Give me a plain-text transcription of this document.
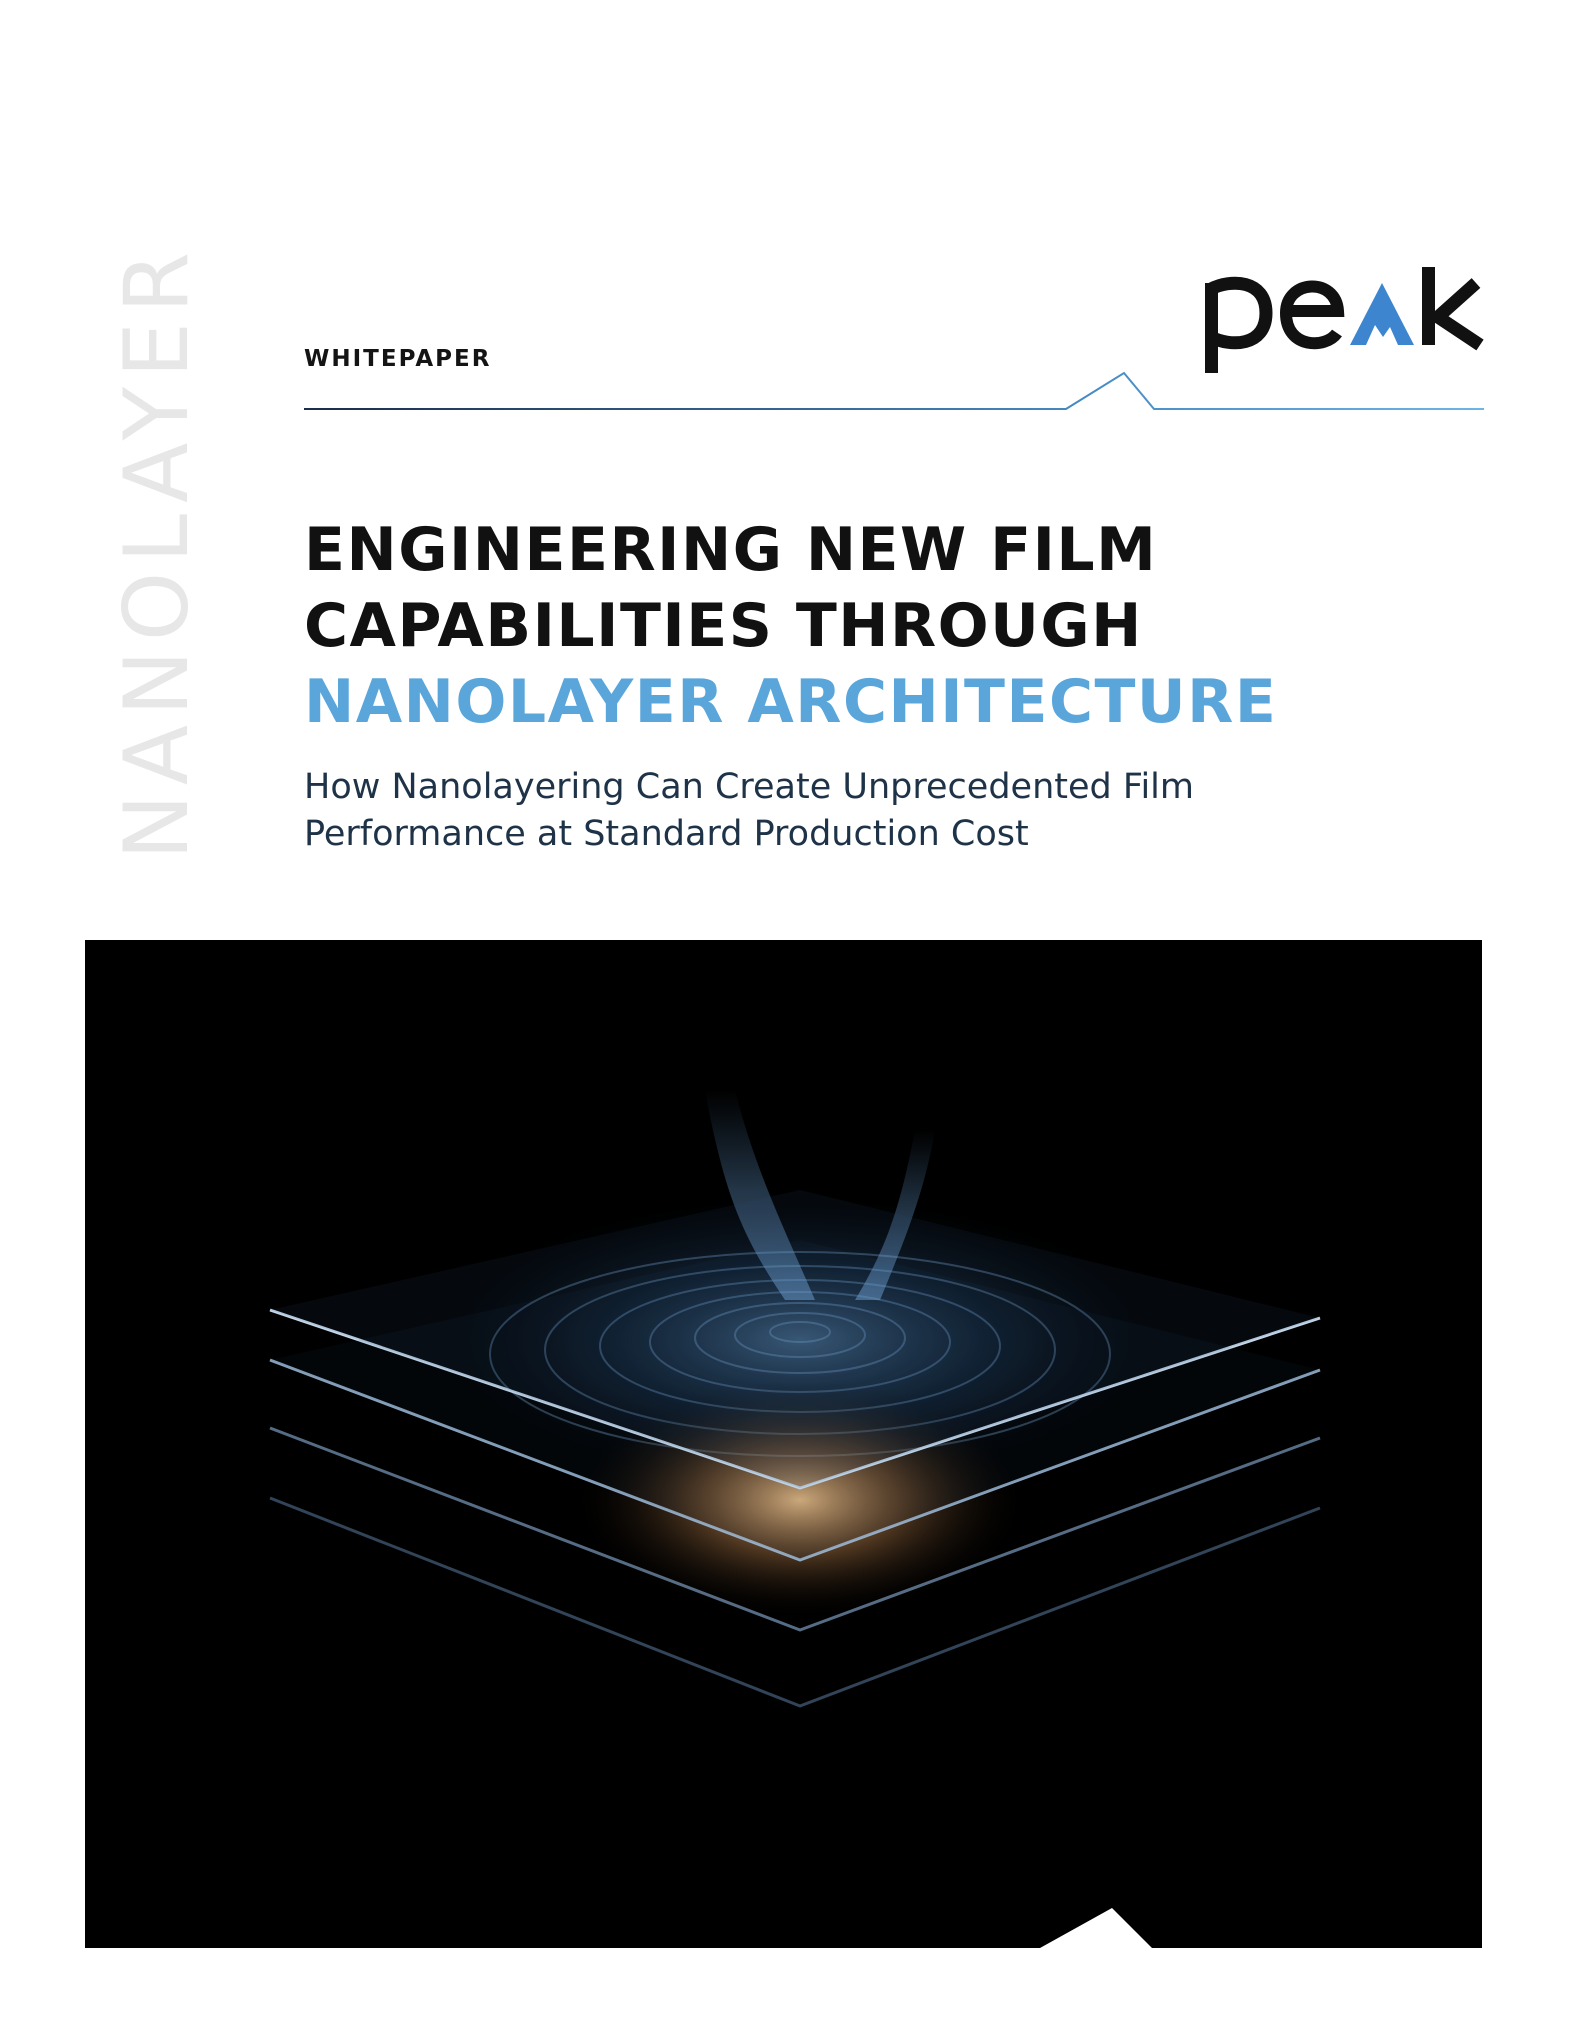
NANOLAYER	WHITEPAPER
ENGINEERING NEW FILM
CAPABILITIES THROUGH
NANOLAYER ARCHITECTURE

How Nanolayering Can Create Unprecedented Film
Performance at Standard Production Cost
